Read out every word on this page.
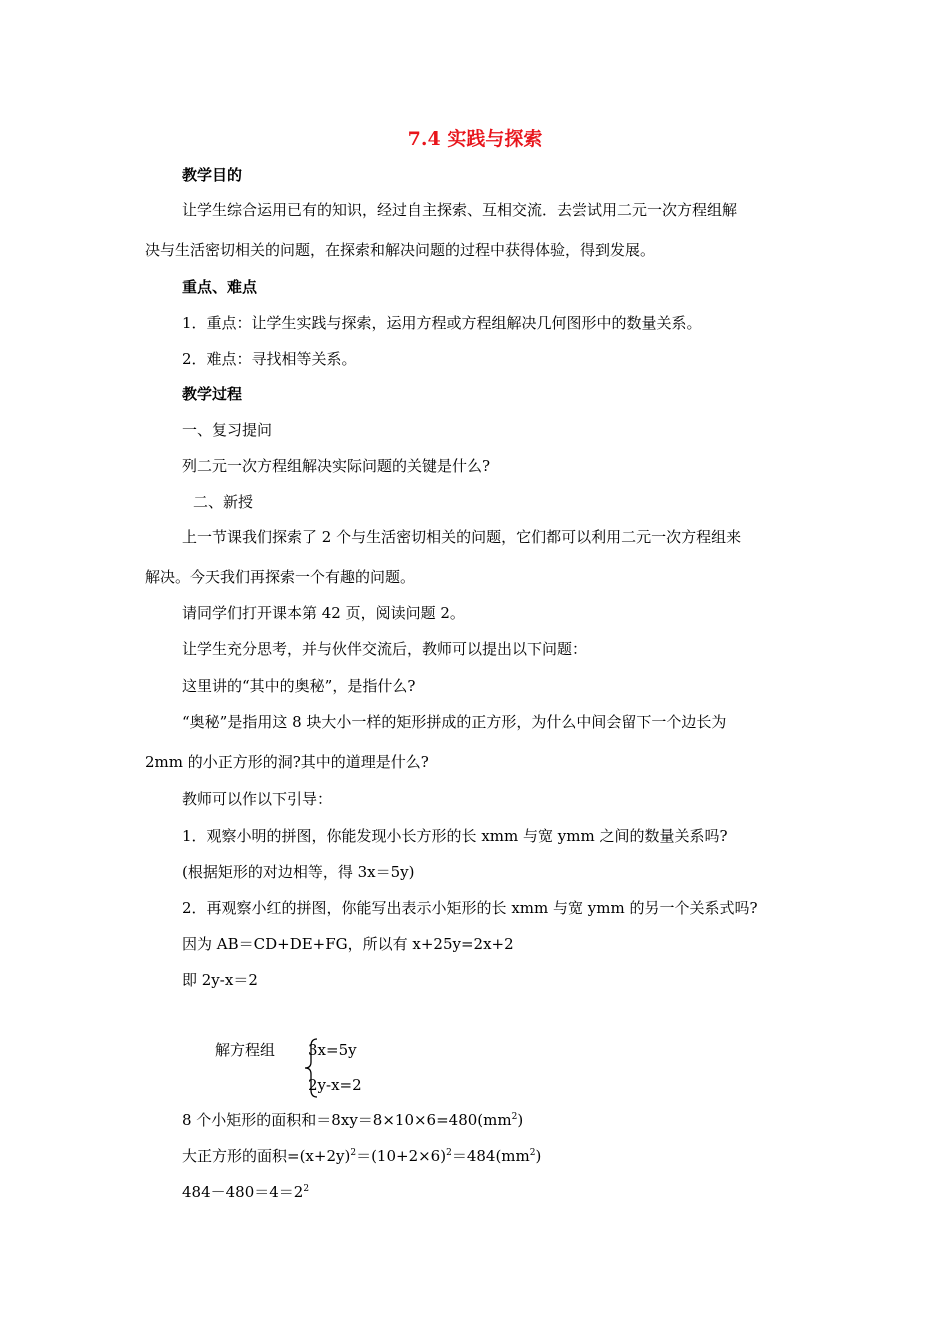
7.4 实践与探索
教学目的
让学生综合运用已有的知识，经过自主探索、互相交流．去尝试用二元一次方程组解
决与生活密切相关的问题，在探索和解决问题的过程中获得体验，得到发展。
重点、难点
1．重点：让学生实践与探索，运用方程或方程组解决几何图形中的数量关系。
2．难点：寻找相等关系。
教学过程
一、复习提问
列二元一次方程组解决实际问题的关键是什么?
二、新授
上一节课我们探索了 2 个与生活密切相关的问题，它们都可以利用二元一次方程组来
解决。今天我们再探索一个有趣的问题。
请同学们打开课本第 42 页，阅读问题 2。
让学生充分思考，并与伙伴交流后，教师可以提出以下问题：
这里讲的“其中的奥秘”，是指什么?
“奥秘”是指用这 8 块大小一样的矩形拼成的正方形，为什么中间会留下一个边长为
2mm 的小正方形的洞?其中的道理是什么?
教师可以作以下引导：
1．观察小明的拼图，你能发现小长方形的长 xmm 与宽 ymm 之间的数量关系吗?
(根据矩形的对边相等，得 3x＝5y)
2．再观察小红的拼图，你能写出表示小矩形的长 xmm 与宽 ymm 的另一个关系式吗?
因为 AB＝CD+DE+FG，所以有 x+25y=2x+2
即 2y-x＝2
解方程组 3x=5y
2y-x=2
8 个小矩形的面积和$=8xy=8\times 10\times 6=480(mm^2)$
大正方形的面积$=(x+2y)^2=(10+2\times 6)^2=484(mm^2)$
$484-480=4=2^2$
